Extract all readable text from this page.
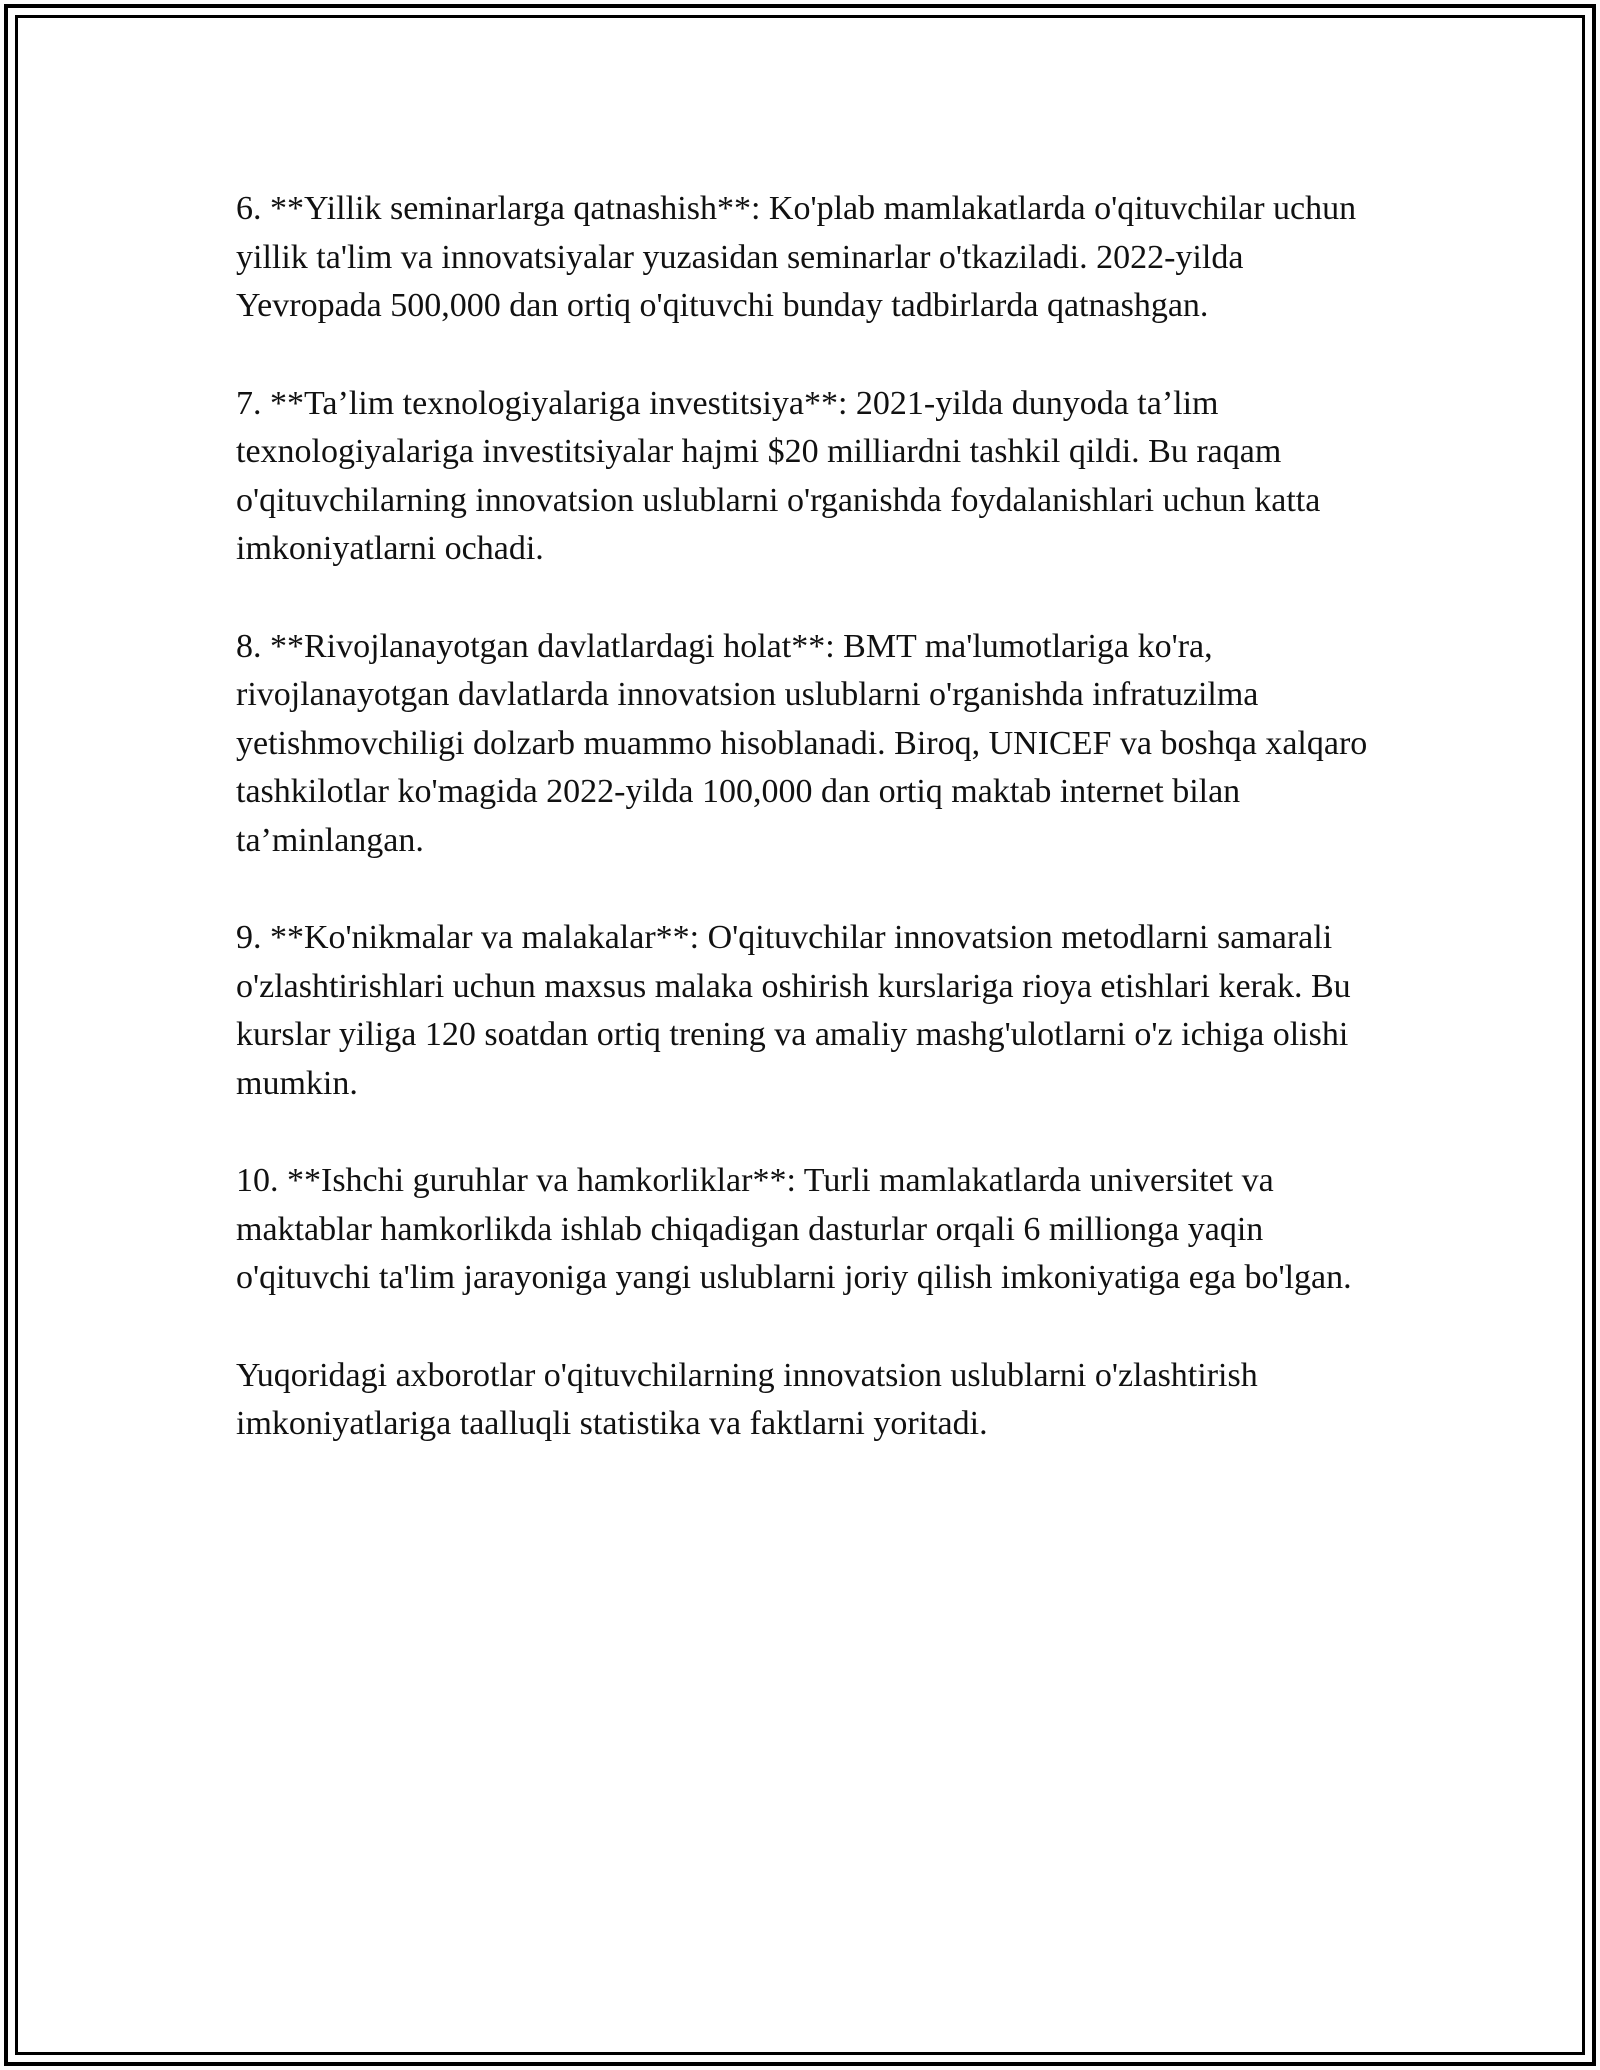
6. **Yillik seminarlarga qatnashish**: Ko'plab mamlakatlarda o'qituvchilar uchun yillik ta'lim va innovatsiyalar yuzasidan seminarlar o'tkaziladi. 2022-yilda Yevropada 500,000 dan ortiq o'qituvchi bunday tadbirlarda qatnashgan.

7. **Ta’lim texnologiyalariga investitsiya**: 2021-yilda dunyoda ta’lim texnologiyalariga investitsiyalar hajmi $20 milliardni tashkil qildi. Bu raqam o'qituvchilarning innovatsion uslublarni o'rganishda foydalanishlari uchun katta imkoniyatlarni ochadi.

8. **Rivojlanayotgan davlatlardagi holat**: BMT ma'lumotlariga ko'ra, rivojlanayotgan davlatlarda innovatsion uslublarni o'rganishda infratuzilma yetishmovchiligi dolzarb muammo hisoblanadi. Biroq, UNICEF va boshqa xalqaro tashkilotlar ko'magida 2022-yilda 100,000 dan ortiq maktab internet bilan ta’minlangan.

9. **Ko'nikmalar va malakalar**: O'qituvchilar innovatsion metodlarni samarali o'zlashtirishlari uchun maxsus malaka oshirish kurslariga rioya etishlari kerak. Bu kurslar yiliga 120 soatdan ortiq trening va amaliy mashg'ulotlarni o'z ichiga olishi mumkin.

10. **Ishchi guruhlar va hamkorliklar**: Turli mamlakatlarda universitet va maktablar hamkorlikda ishlab chiqadigan dasturlar orqali 6 millionga yaqin o'qituvchi ta'lim jarayoniga yangi uslublarni joriy qilish imkoniyatiga ega bo'lgan.

Yuqoridagi axborotlar o'qituvchilarning innovatsion uslublarni o'zlashtirish imkoniyatlariga taalluqli statistika va faktlarni yoritadi.
